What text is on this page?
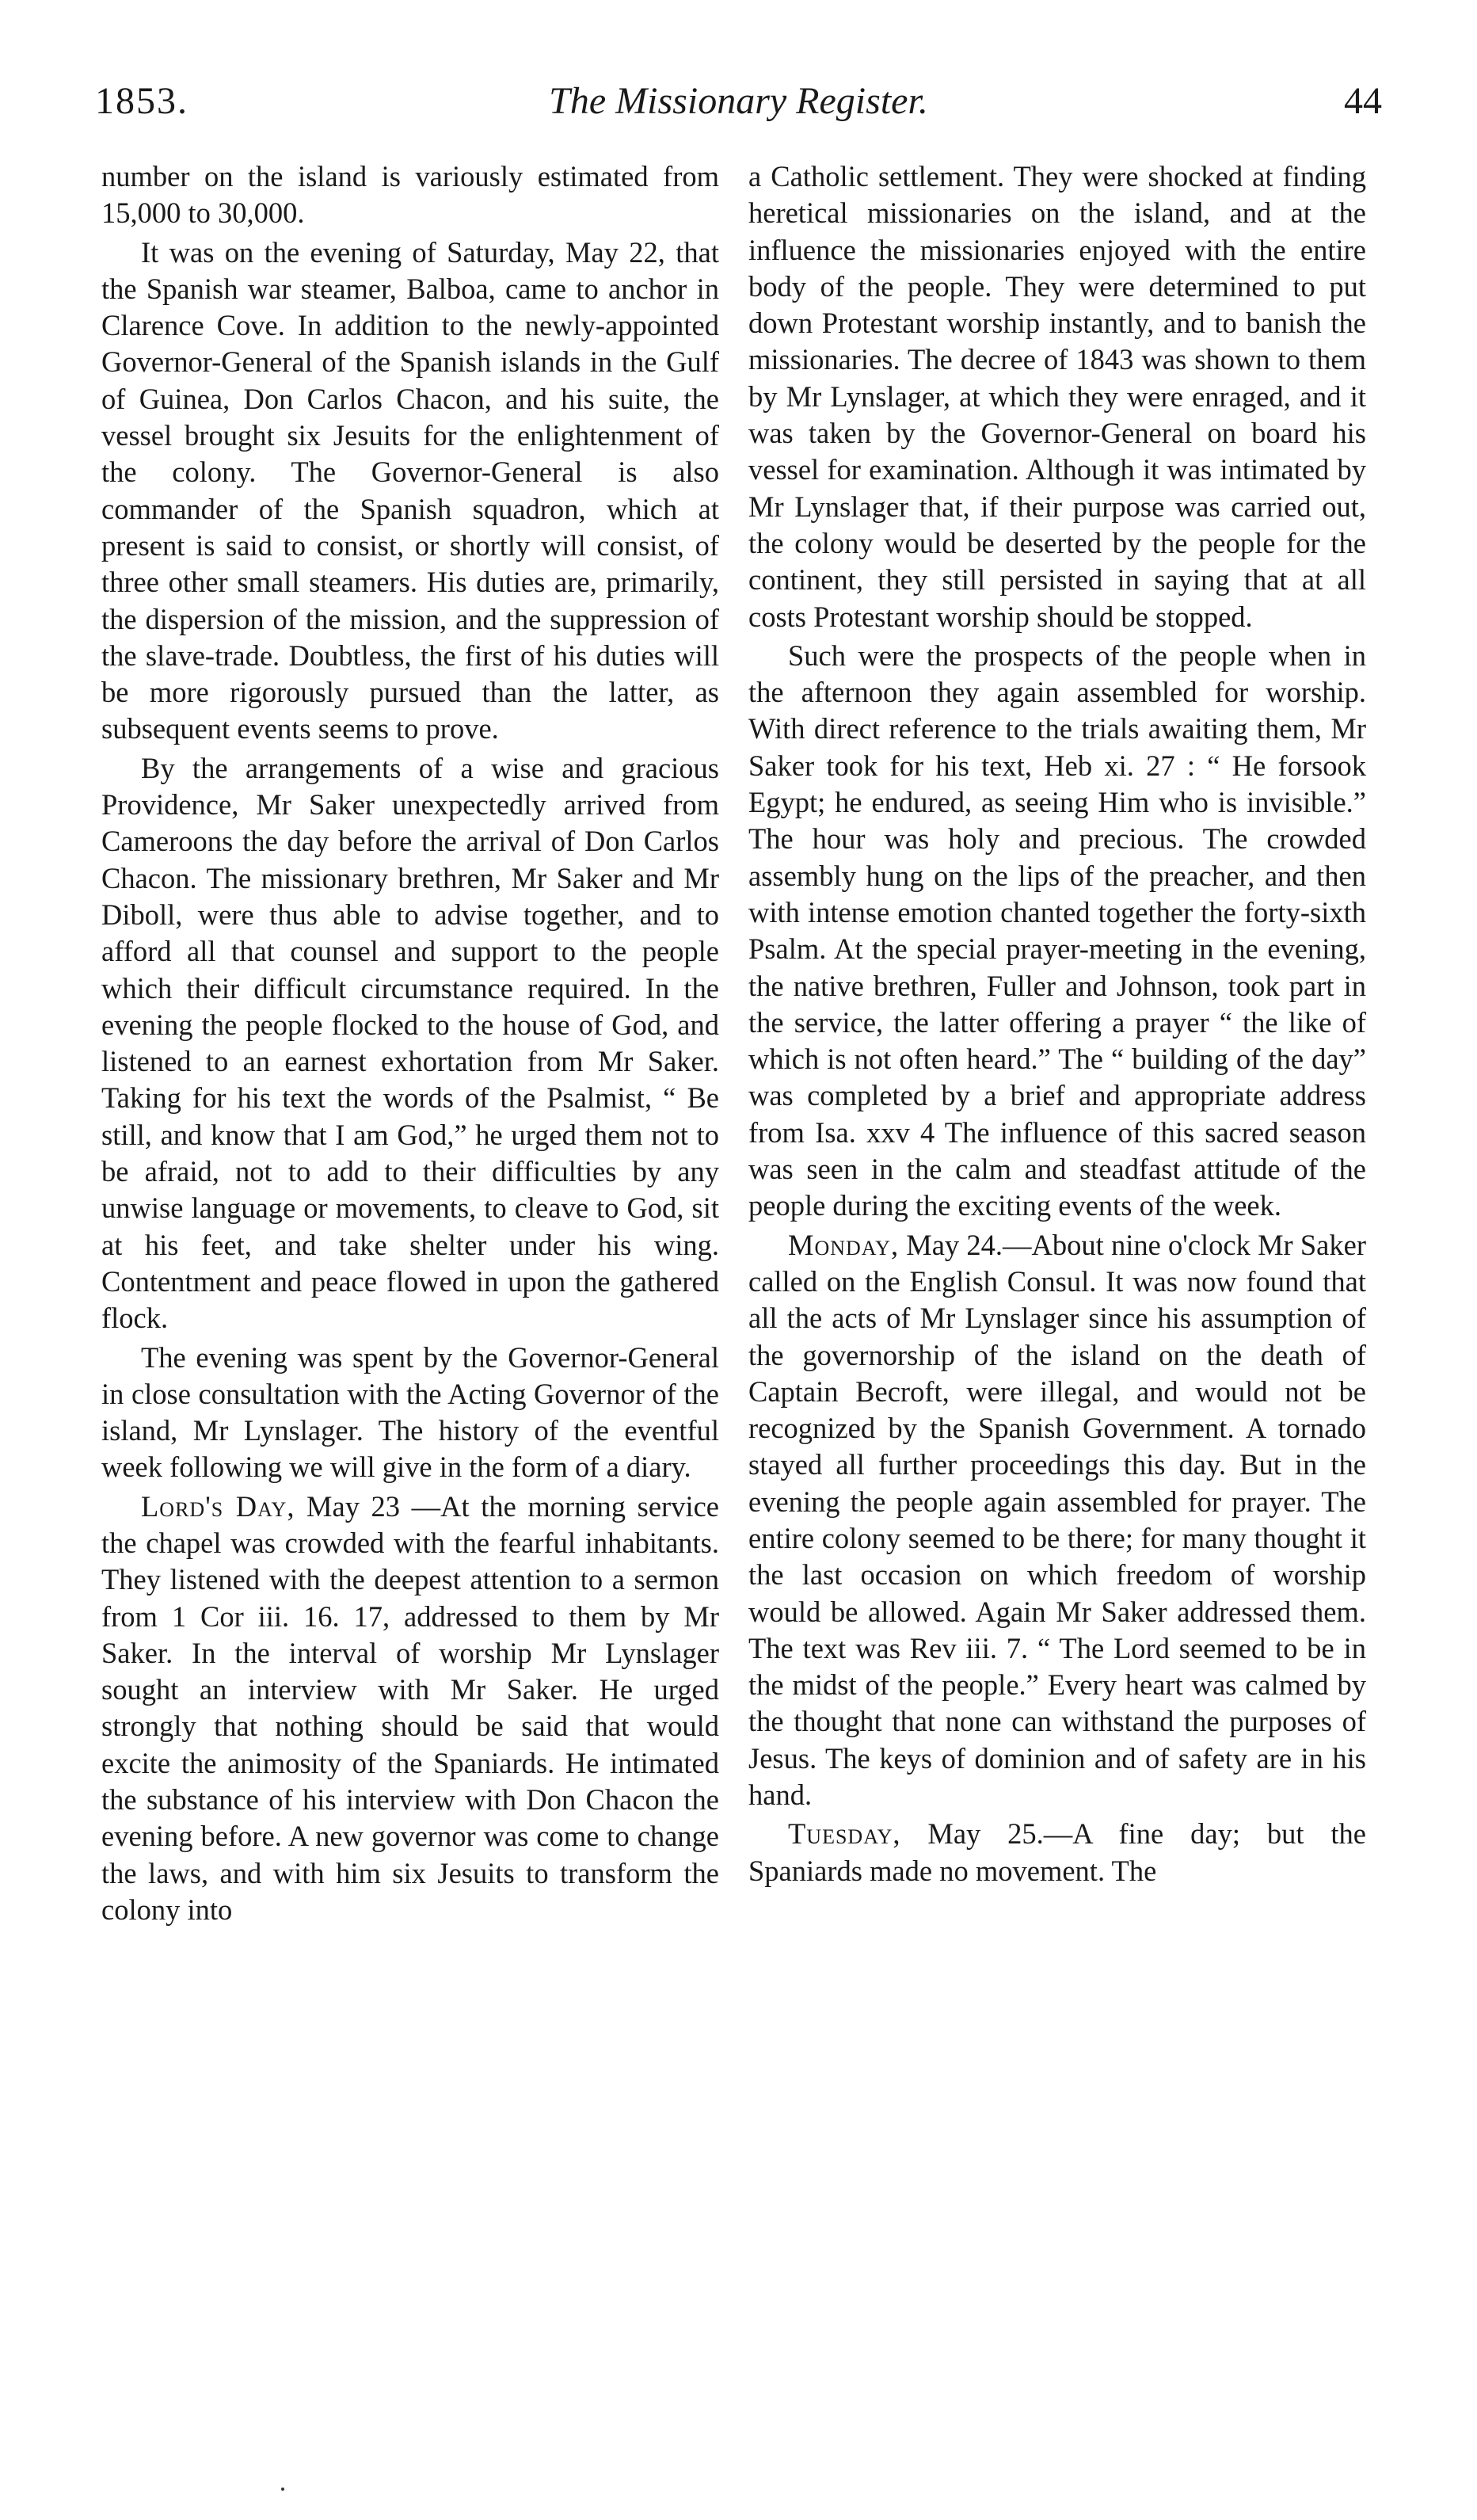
1853.	The Missionary Register.	44

number on the island is variously estimated from 15,000 to 30,000.

It was on the evening of Saturday, May 22, that the Spanish war steamer, Balboa, came to anchor in Clarence Cove. In addition to the newly-appointed Governor-General of the Spanish islands in the Gulf of Guinea, Don Carlos Chacon, and his suite, the vessel brought six Jesuits for the enlightenment of the colony. The Governor-General is also commander of the Spanish squadron, which at present is said to consist, or shortly will consist, of three other small steamers. His duties are, primarily, the dispersion of the mission, and the suppression of the slave-trade. Doubtless, the first of his duties will be more rigorously pursued than the latter, as subsequent events seems to prove.

By the arrangements of a wise and gracious Providence, Mr Saker unexpectedly arrived from Cameroons the day before the arrival of Don Carlos Chacon. The missionary brethren, Mr Saker and Mr Diboll, were thus able to advise together, and to afford all that counsel and support to the people which their difficult circumstance required. In the evening the people flocked to the house of God, and listened to an earnest exhortation from Mr Saker. Taking for his text the words of the Psalmist, “ Be still, and know that I am God,” he urged them not to be afraid, not to add to their difficulties by any unwise language or movements, to cleave to God, sit at his feet, and take shelter under his wing. Contentment and peace flowed in upon the gathered flock.

The evening was spent by the Governor-General in close consultation with the Acting Governor of the island, Mr Lynslager. The history of the eventful week following we will give in the form of a diary.

Lord's Day, May 23 —At the morning service the chapel was crowded with the fearful inhabitants. They listened with the deepest attention to a sermon from 1 Cor iii. 16. 17, addressed to them by Mr Saker. In the interval of worship Mr Lynslager sought an interview with Mr Saker. He urged strongly that nothing should be said that would excite the animosity of the Spaniards. He intimated the substance of his interview with Don Chacon the evening before. A new governor was come to change the laws, and with him six Jesuits to transform the colony into

a Catholic settlement. They were shocked at finding heretical missionaries on the island, and at the influence the missionaries enjoyed with the entire body of the people. They were determined to put down Protestant worship instantly, and to banish the missionaries. The decree of 1843 was shown to them by Mr Lynslager, at which they were enraged, and it was taken by the Governor-General on board his vessel for examination. Although it was intimated by Mr Lynslager that, if their purpose was carried out, the colony would be deserted by the people for the continent, they still persisted in saying that at all costs Protestant worship should be stopped.

Such were the prospects of the people when in the afternoon they again assembled for worship. With direct reference to the trials awaiting them, Mr Saker took for his text, Heb xi. 27 : “ He forsook Egypt; he endured, as seeing Him who is invisible.” The hour was holy and precious. The crowded assembly hung on the lips of the preacher, and then with intense emotion chanted together the forty-sixth Psalm. At the special prayer-meeting in the evening, the native brethren, Fuller and Johnson, took part in the service, the latter offering a prayer “ the like of which is not often heard.” The “ building of the day” was completed by a brief and appropriate address from Isa. xxv 4 The influence of this sacred season was seen in the calm and steadfast attitude of the people during the exciting events of the week.

Monday, May 24.—About nine o'clock Mr Saker called on the English Consul. It was now found that all the acts of Mr Lynslager since his assumption of the governorship of the island on the death of Captain Becroft, were illegal, and would not be recognized by the Spanish Government. A tornado stayed all further proceedings this day. But in the evening the people again assembled for prayer. The entire colony seemed to be there; for many thought it the last occasion on which freedom of worship would be allowed. Again Mr Saker addressed them. The text was Rev iii. 7. “ The Lord seemed to be in the midst of the people.” Every heart was calmed by the thought that none can withstand the purposes of Jesus. The keys of dominion and of safety are in his hand.

Tuesday, May 25.—A fine day; but the Spaniards made no movement. The
